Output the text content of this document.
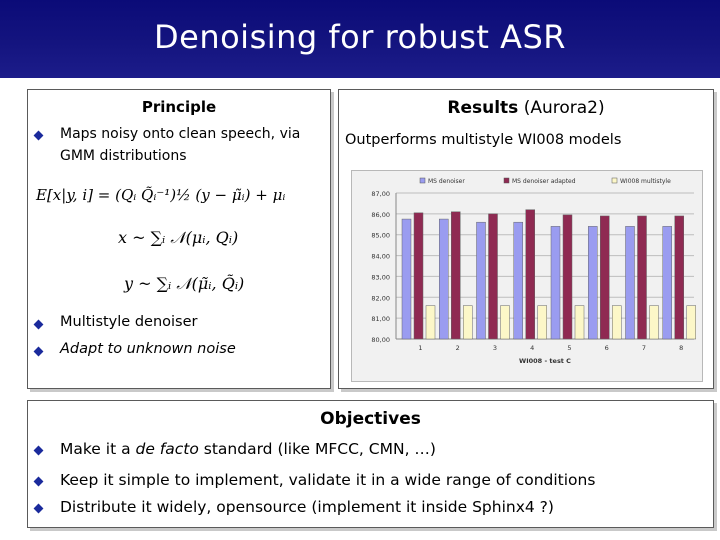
Denoising for robust ASR
Principle
Maps noisy onto clean speech, via
GMM distributions
E[x|y, i] = (Qᵢ Q̃ᵢ⁻¹)½ (y − μ̃ᵢ) + μᵢ
x ~ ∑ᵢ 𝒩(μᵢ, Qᵢ)
y ~ ∑ᵢ 𝒩(μ̃ᵢ, Q̃ᵢ)
Multistyle denoiser
Adapt to unknown noise
Results (Aurora2)
Outperforms multistyle WI008 models
80,00
81,00
82,00
83,00
84,00
85,00
86,00
87,00
MS denoiser	MS denoiser adapted	WI008 multistyle
1	2	3	4	5	6	7	8
WI008 - test C
Objectives
Make it a de facto standard (like MFCC, CMN, …)
Keep it simple to implement, validate it in a wide range of conditions
Distribute it widely, opensource (implement it inside Sphinx4 ?)
